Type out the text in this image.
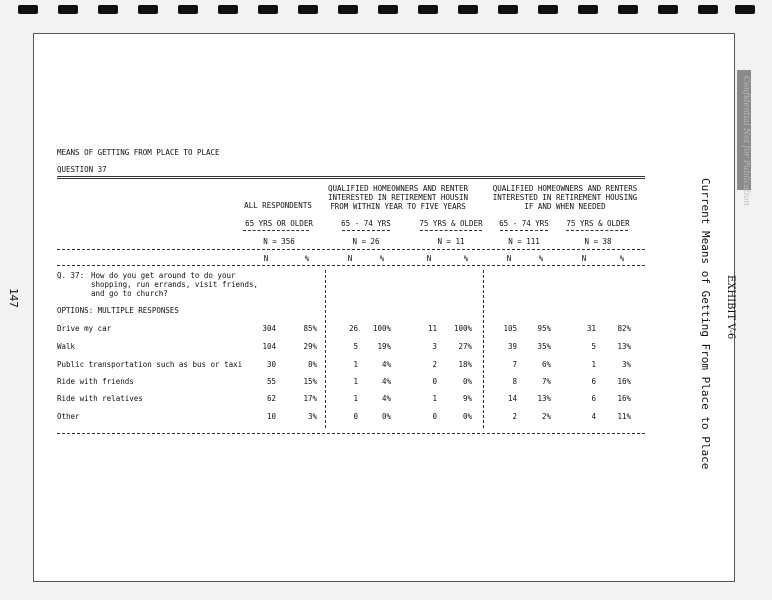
147
Confidential Not for Publication
EXHIBIT V-6
Current Means of Getting From Place to Place
MEANS OF GETTING FROM PLACE TO PLACE
QUESTION 37
ALL RESPONDENTS
QUALIFIED HOMEOWNERS AND RENTER
INTERESTED IN RETIREMENT HOUSIN
FROM WITHIN YEAR TO FIVE YEARS
QUALIFIED HOMEOWNERS AND RENTERS
INTERESTED IN RETIREMENT HOUSING
IF AND WHEN NEEDED
65 YRS OR OLDER	65 - 74 YRS	75 YRS & OLDER	65 - 74 YRS	75 YRS & OLDER
N = 356	N = 26	N = 11	N = 111	N = 38
N	%	N	%	N	%	N	%	N	%
Q. 37: How do you get around to do your
shopping, run errands, visit friends,
and go to church?
OPTIONS: MULTIPLE RESPONSES
Drive my car	304	85%	26	100%	11	100%	105	95%	31	82%
Walk	104	29%	5	19%	3	27%	39	35%	5	13%
Public transportation such as bus or taxi	30	8%	1	4%	2	18%	7	6%	1	3%
Ride with friends	55	15%	1	4%	0	0%	8	7%	6	16%
Ride with relatives	62	17%	1	4%	1	9%	14	13%	6	16%
Other	10	3%	0	0%	0	0%	2	2%	4	11%
